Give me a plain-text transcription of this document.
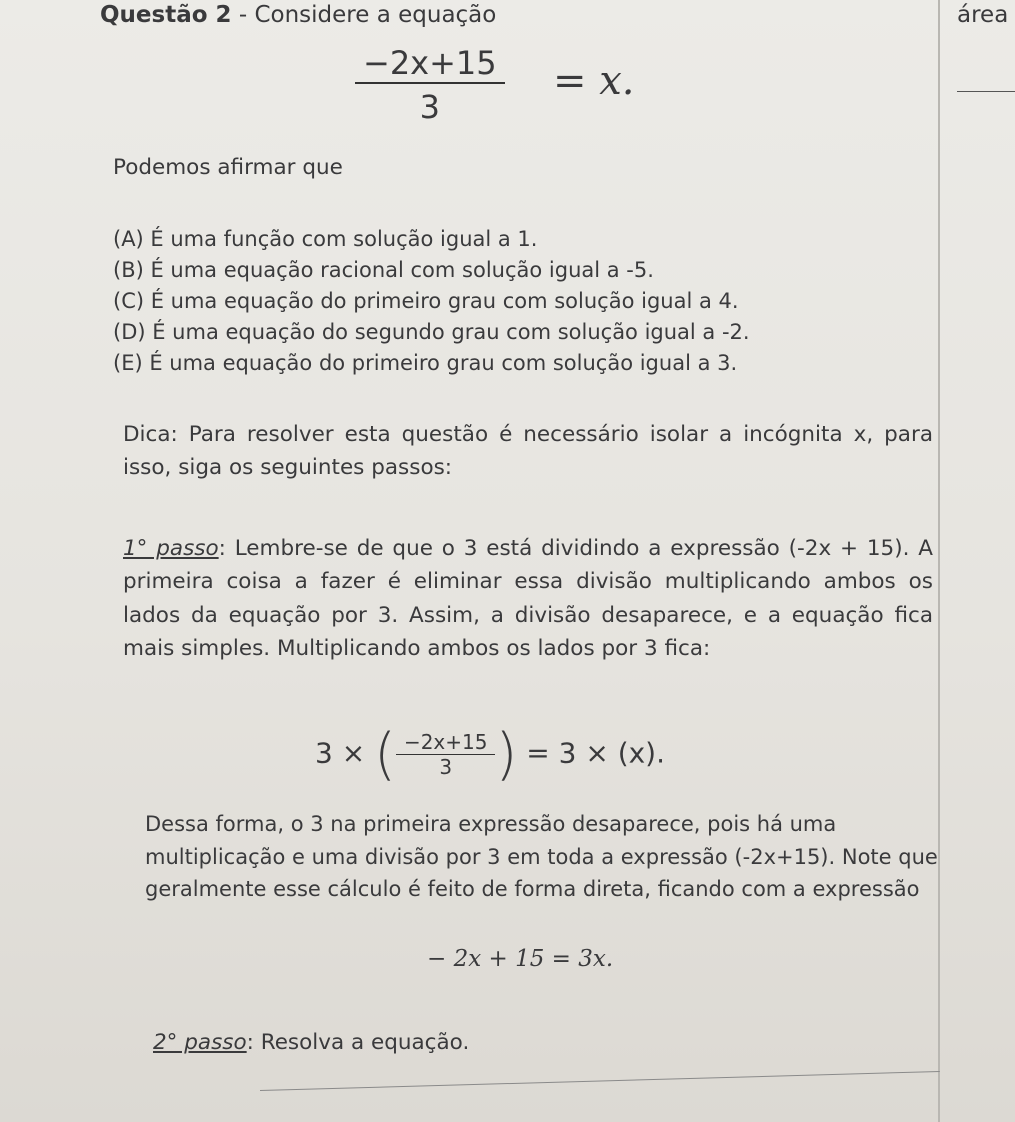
Questão 2 - Considere a equação	área
$\frac{-2x+15}{3} = x$.
Podemos afirmar que
(A) É uma função com solução igual a 1.
(B) É uma equação racional com solução igual a -5.
(C) É uma equação do primeiro grau com solução igual a 4.
(D) É uma equação do segundo grau com solução igual a -2.
(E) É uma equação do primeiro grau com solução igual a 3.
Dica: Para resolver esta questão é necessário isolar a incógnita x, para isso, siga os seguintes passos:
1° passo: Lembre-se de que o 3 está dividindo a expressão (-2x + 15). A primeira coisa a fazer é eliminar essa divisão multiplicando ambos os lados da equação por 3. Assim, a divisão desaparece, e a equação fica mais simples. Multiplicando ambos os lados por 3 fica:
3 × ( $\frac{-2x+15}{3}$ ) = 3 × (x).
Dessa forma, o 3 na primeira expressão desaparece, pois há uma multiplicação e uma divisão por 3 em toda a expressão (-2x+15). Note que geralmente esse cálculo é feito de forma direta, ficando com a expressão
− 2x + 15 = 3x.
2° passo: Resolva a equação.
